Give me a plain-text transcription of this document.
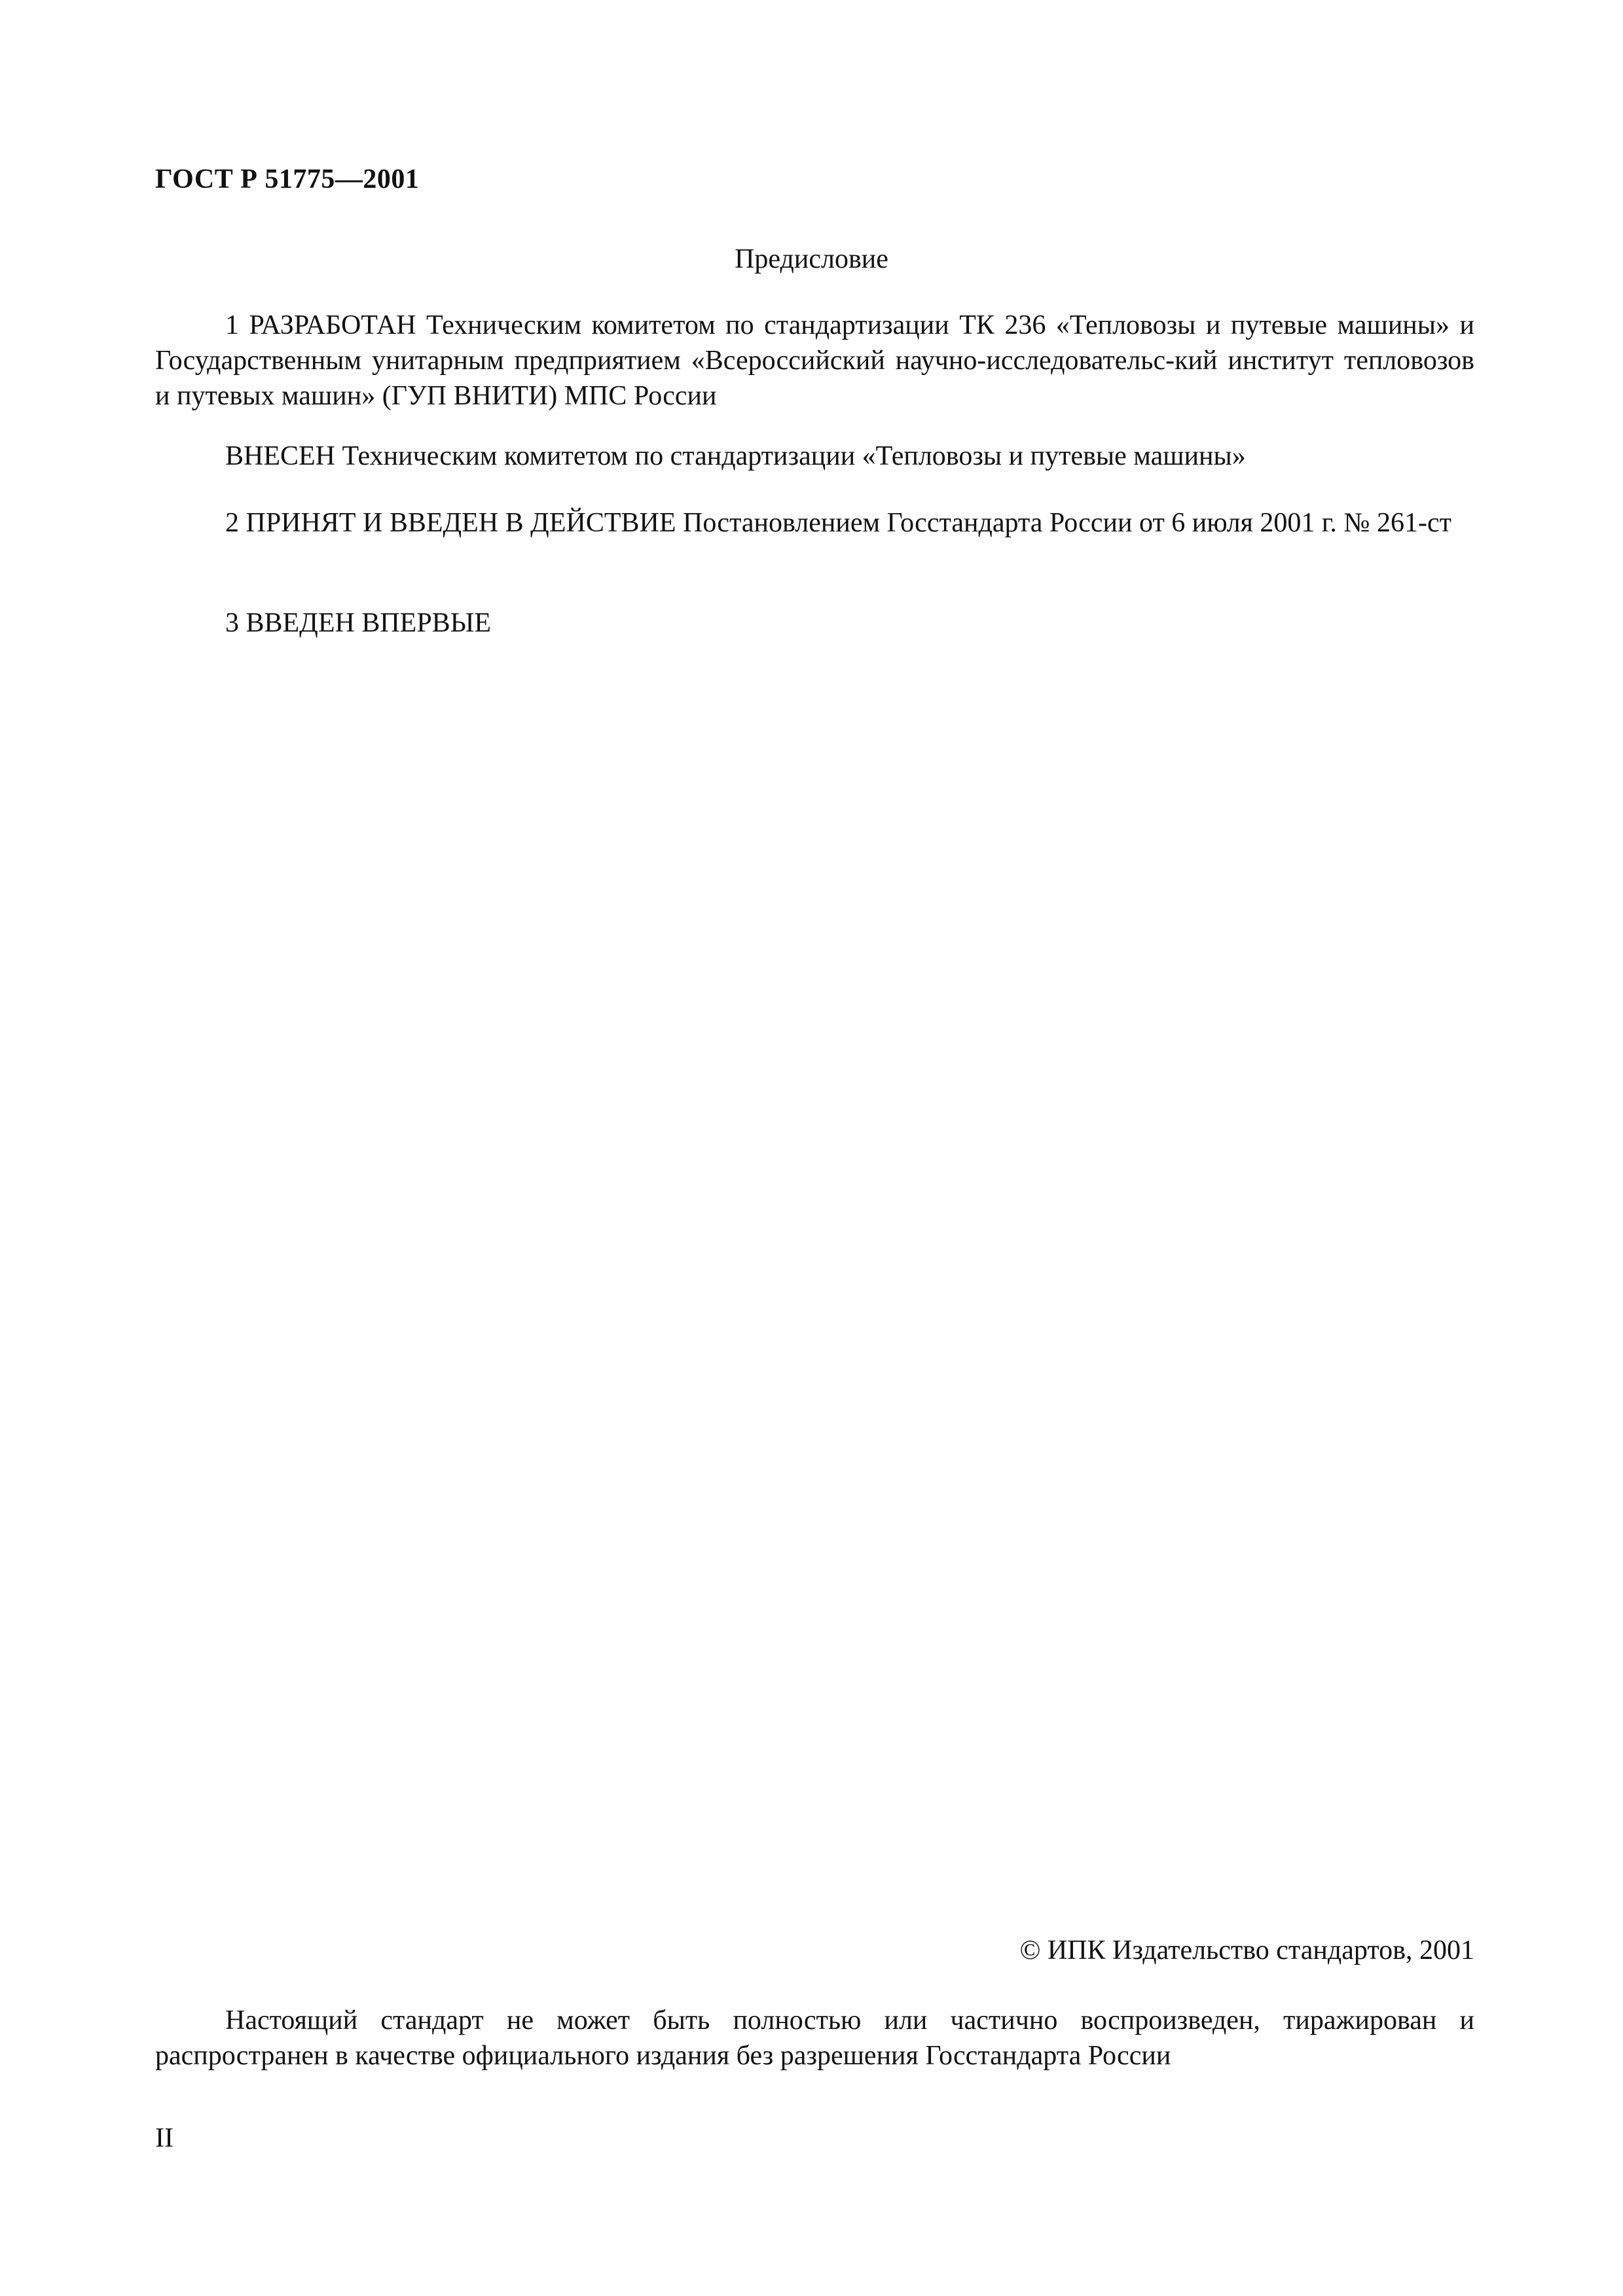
ГОСТ Р 51775—2001
Предисловие

1 РАЗРАБОТАН Техническим комитетом по стандартизации ТК 236 «Тепловозы и путевые машины» и Государственным унитарным предприятием «Всероссийский научно-исследовательс-кий институт тепловозов и путевых машин» (ГУП ВНИТИ) МПС России

ВНЕСЕН Техническим комитетом по стандартизации «Тепловозы и путевые машины»

2 ПРИНЯТ И ВВЕДЕН В ДЕЙСТВИЕ Постановлением Госстандарта России от 6 июля 2001 г. № 261-ст

3 ВВЕДЕН ВПЕРВЫЕ

© ИПК Издательство стандартов, 2001

Настоящий стандарт не может быть полностью или частично воспроизведен, тиражирован и распространен в качестве официального издания без разрешения Госстандарта России

II
